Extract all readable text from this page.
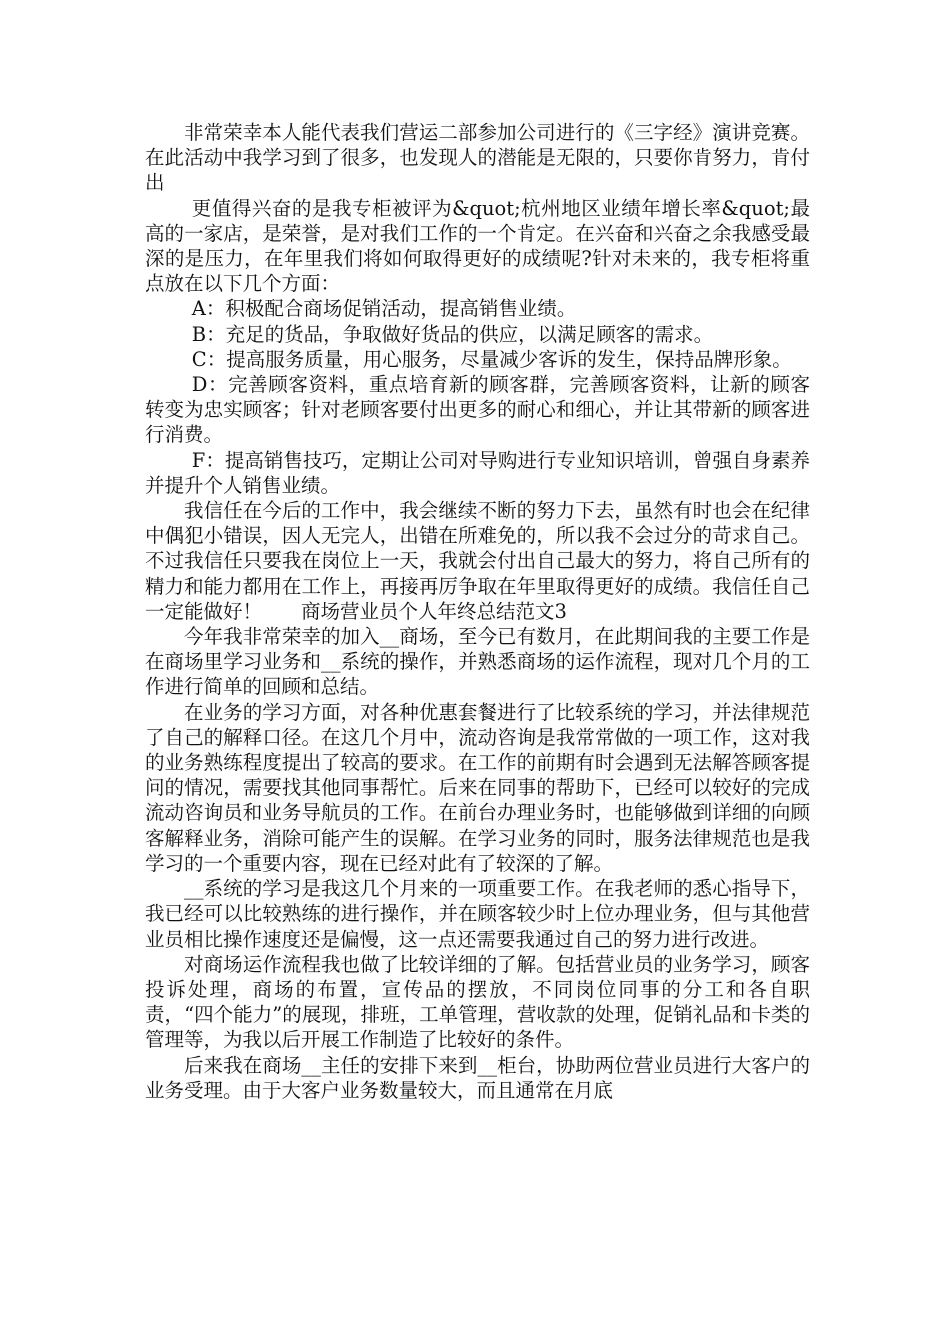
非常荣幸本人能代表我们营运二部参加公司进行的《三字经》演讲竞赛。在此活动中我学习到了很多，也发现人的潜能是无限的，只要你肯努力，肯付出

更值得兴奋的是我专柜被评为&quot;杭州地区业绩年增长率&quot;最高的一家店，是荣誉，是对我们工作的一个肯定。在兴奋和兴奋之余我感受最深的是压力，在年里我们将如何取得更好的成绩呢?针对未来的，我专柜将重点放在以下几个方面：

A：积极配合商场促销活动，提高销售业绩。

B：充足的货品，争取做好货品的供应，以满足顾客的需求。

C：提高服务质量，用心服务，尽量减少客诉的发生，保持品牌形象。

D：完善顾客资料，重点培育新的顾客群，完善顾客资料，让新的顾客转变为忠实顾客；针对老顾客要付出更多的耐心和细心，并让其带新的顾客进行消费。

F：提高销售技巧，定期让公司对导购进行专业知识培训，曾强自身素养并提升个人销售业绩。

我信任在今后的工作中，我会继续不断的努力下去，虽然有时也会在纪律中偶犯小错误，因人无完人，出错在所难免的，所以我不会过分的苛求自己。不过我信任只要我在岗位上一天，我就会付出自己最大的努力，将自己所有的精力和能力都用在工作上，再接再厉争取在年里取得更好的成绩。我信任自己一定能做好！　　商场营业员个人年终总结范文3

今年我非常荣幸的加入__商场，至今已有数月，在此期间我的主要工作是在商场里学习业务和__系统的操作，并熟悉商场的运作流程，现对几个月的工作进行简单的回顾和总结。

在业务的学习方面，对各种优惠套餐进行了比较系统的学习，并法律规范了自己的解释口径。在这几个月中，流动咨询是我常常做的一项工作，这对我的业务熟练程度提出了较高的要求。在工作的前期有时会遇到无法解答顾客提问的情况，需要找其他同事帮忙。后来在同事的帮助下，已经可以较好的完成流动咨询员和业务导航员的工作。在前台办理业务时，也能够做到详细的向顾客解释业务，消除可能产生的误解。在学习业务的同时，服务法律规范也是我学习的一个重要内容，现在已经对此有了较深的了解。

__系统的学习是我这几个月来的一项重要工作。在我老师的悉心指导下，我已经可以比较熟练的进行操作，并在顾客较少时上位办理业务，但与其他营业员相比操作速度还是偏慢，这一点还需要我通过自己的努力进行改进。

对商场运作流程我也做了比较详细的了解。包括营业员的业务学习，顾客投诉处理，商场的布置，宣传品的摆放，不同岗位同事的分工和各自职责，“四个能力”的展现，排班，工单管理，营收款的处理，促销礼品和卡类的管理等，为我以后开展工作制造了比较好的条件。

后来我在商场__主任的安排下来到__柜台，协助两位营业员进行大客户的业务受理。由于大客户业务数量较大，而且通常在月底
